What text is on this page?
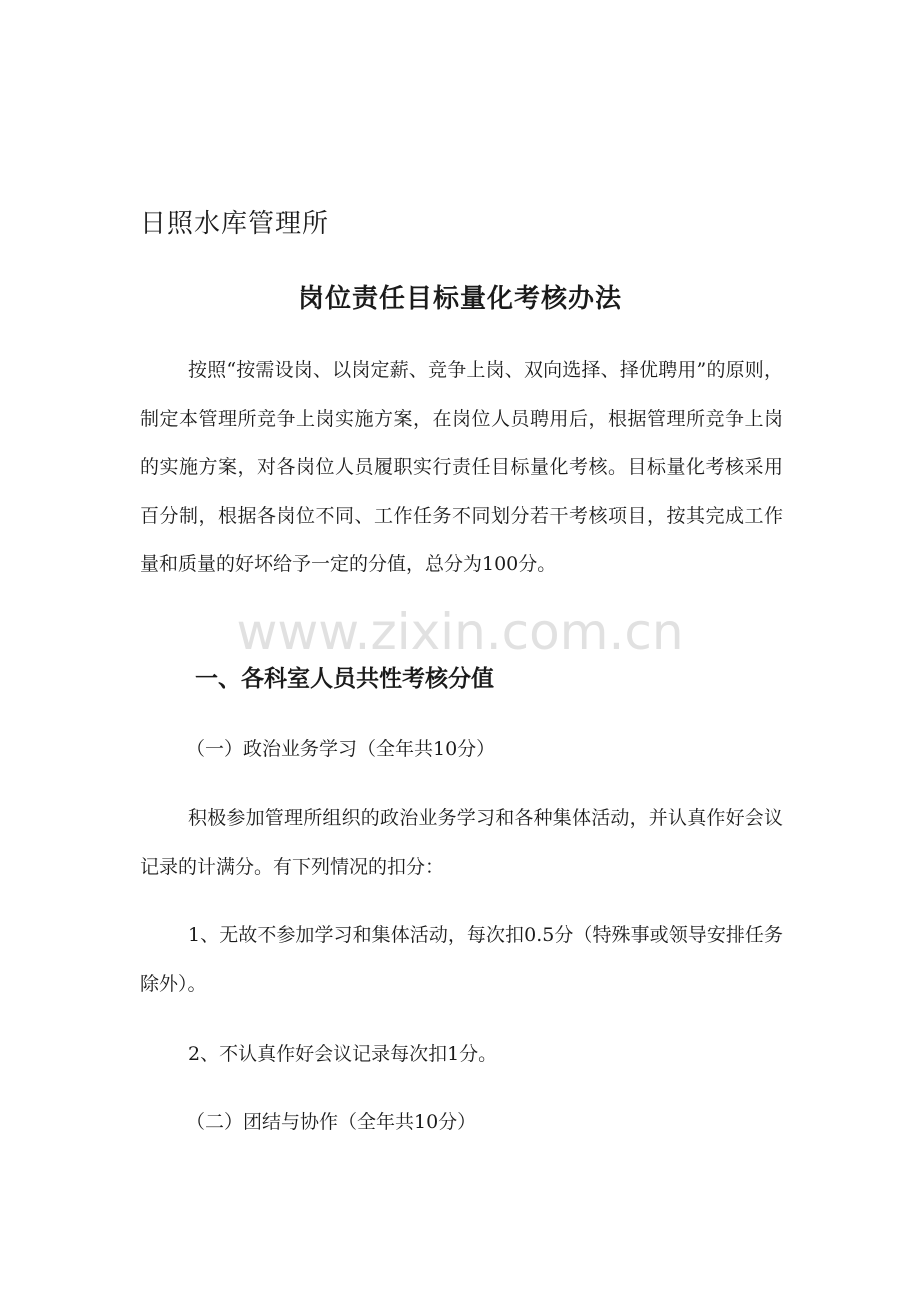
日照水库管理所
岗位责任目标量化考核办法

按照“按需设岗、以岗定薪、竞争上岗、双向选择、择优聘用”的原则，制定本管理所竞争上岗实施方案，在岗位人员聘用后，根据管理所竞争上岗的实施方案，对各岗位人员履职实行责任目标量化考核。目标量化考核采用百分制，根据各岗位不同、工作任务不同划分若干考核项目，按其完成工作量和质量的好坏给予一定的分值，总分为100分。

www.zixin.com.cn
一、各科室人员共性考核分值

（一）政治业务学习（全年共10分）

积极参加管理所组织的政治业务学习和各种集体活动，并认真作好会议记录的计满分。有下列情况的扣分：

1、无故不参加学习和集体活动，每次扣0.5分（特殊事或领导安排任务除外）。

2、不认真作好会议记录每次扣1分。

（二）团结与协作（全年共10分）
